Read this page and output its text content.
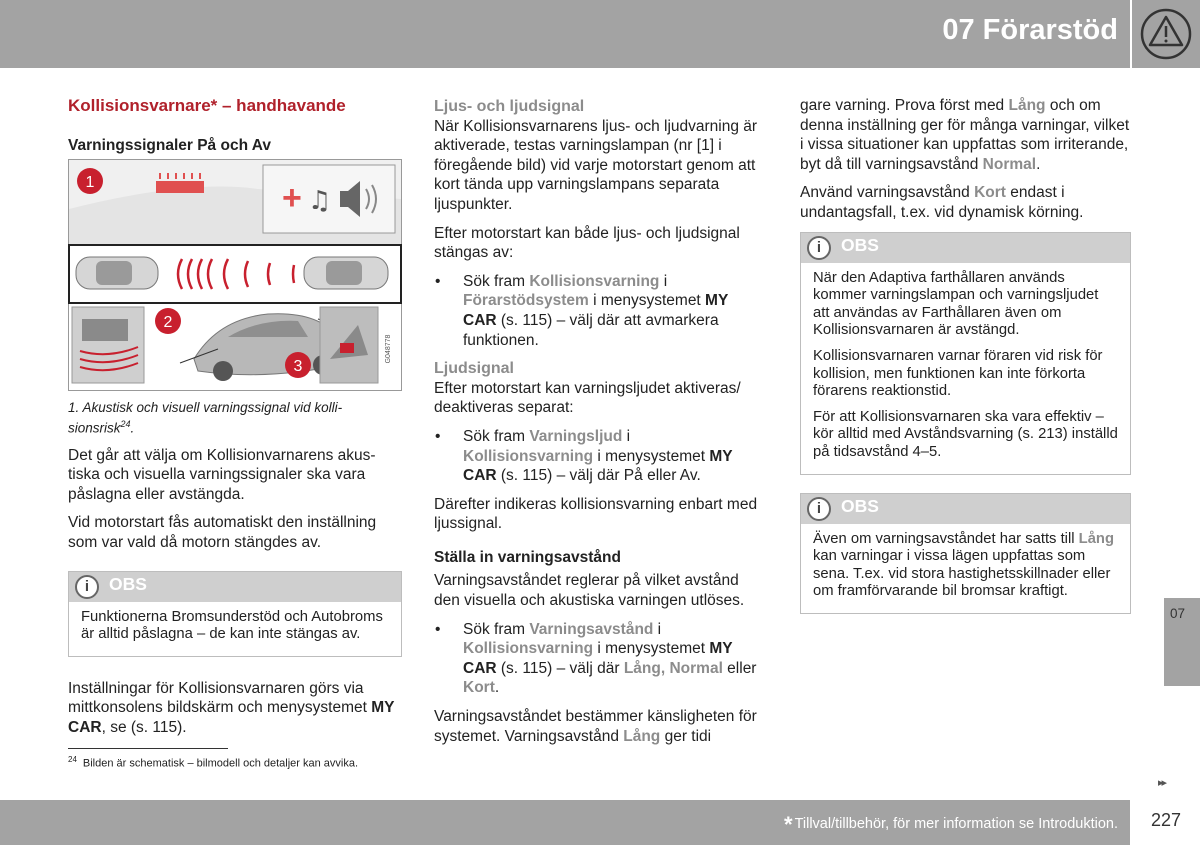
07 Förarstöd
Kollisionsvarnare* – handhavande
Varningssignaler På och Av
1	+ ♫
2
3
G048778

1. Akustisk och visuell varningssignal vid kollisionsrisk$^{24}$.

Det går att välja om Kollisionvarnarens akustiska och visuella varningssignaler ska vara påslagna eller avstängda.

Vid motorstart fås automatiskt den inställning som var vald då motorn stängdes av.

i	OBS

Funktionerna Bromsunderstöd och Autobroms är alltid påslagna – de kan inte stängas av.

Inställningar för Kollisionsvarnaren görs via mittkonsolens bildskärm och menysystemet MY CAR, se (s. 115).

Ljus- och ljudsignal

När Kollisionsvarnarens ljus- och ljudvarning är aktiverade, testas varningslampan (nr [1] i föregående bild) vid varje motorstart genom att kort tända upp varningslampans separata ljuspunkter.

Efter motorstart kan både ljus- och ljudsignal stängas av:

• Sök fram Kollisionsvarning i Förarstödsystem i menysystemet MY CAR (s. 115) – välj där att avmarkera funktionen.
Ljudsignal

Efter motorstart kan varningsljudet aktiveras/ deaktiveras separat:

• Sök fram Varningsljud i Kollisionsvarning i menysystemet MY CAR (s. 115) – välj där På eller Av.

Därefter indikeras kollisionsvarning enbart med ljussignal.

Ställa in varningsavstånd

Varningsavståndet reglerar på vilket avstånd den visuella och akustiska varningen utlöses.

• Sök fram Varningsavstånd i Kollisionsvarning i menysystemet MY CAR (s. 115) – välj där Lång, Normal eller Kort.

Varningsavståndet bestämmer känsligheten för systemet. Varningsavstånd Lång ger tidi

gare varning. Prova först med Lång och om denna inställning ger för många varningar, vilket i vissa situationer kan uppfattas som irriterande, byt då till varningsavstånd Normal.

Använd varningsavstånd Kort endast i undantagsfall, t.ex. vid dynamisk körning.

i	OBS

När den Adaptiva farthållaren används kommer varningslampan och varningsljudet att användas av Farthållaren även om Kollisionsvarnaren är avstängd.

Kollisionsvarnaren varnar föraren vid risk för kollision, men funktionen kan inte förkorta förarens reaktionstid.

För att Kollisionsvarnaren ska vara effektiv – kör alltid med Avståndsvarning (s. 213) inställd på tidsavstånd 4–5.

i	OBS

Även om varningsavståndet har satts till Lång kan varningar i vissa lägen uppfattas som sena. T.ex. vid stora hastighetsskillnader eller om framförvarande bil bromsar kraftigt.

$^{24}$ Bilden är schematisk – bilmodell och detaljer kan avvika.
07
▸▸
* Tillval/tillbehör, för mer information se Introduktion.	227
